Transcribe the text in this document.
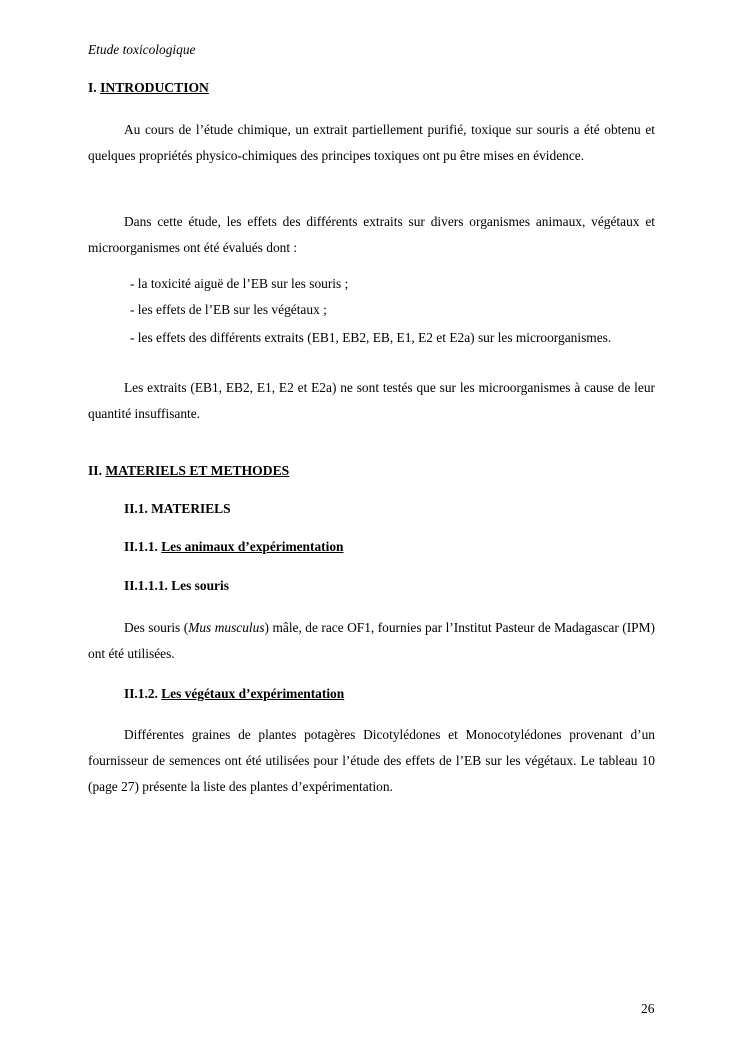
Etude toxicologique
I. INTRODUCTION
Au cours de l’étude chimique, un extrait partiellement purifié, toxique sur souris a été obtenu et quelques propriétés physico-chimiques des principes toxiques ont pu être mises en évidence.
Dans cette étude, les effets des différents extraits sur divers organismes animaux, végétaux et microorganismes ont été évalués dont :
- la toxicité aiguë de l’EB sur les souris ;
- les effets de l’EB sur les végétaux ;
- les effets des différents extraits (EB1, EB2, EB, E1, E2 et E2a) sur les microorganismes.
Les extraits (EB1, EB2, E1, E2 et E2a) ne sont testés que sur les microorganismes à cause de leur quantité insuffisante.
II. MATERIELS ET METHODES
II.1. MATERIELS
II.1.1. Les animaux d’expérimentation
II.1.1.1. Les souris
Des souris (Mus musculus) mâle, de race OF1, fournies par l’Institut Pasteur de Madagascar (IPM) ont été utilisées.
II.1.2. Les végétaux d’expérimentation
Différentes graines de plantes potagères Dicotylédones et Monocotylédones provenant d’un fournisseur de semences ont été utilisées pour l’étude des effets de l’EB sur les végétaux. Le tableau 10 (page 27) présente la liste des plantes d’expérimentation.
26
